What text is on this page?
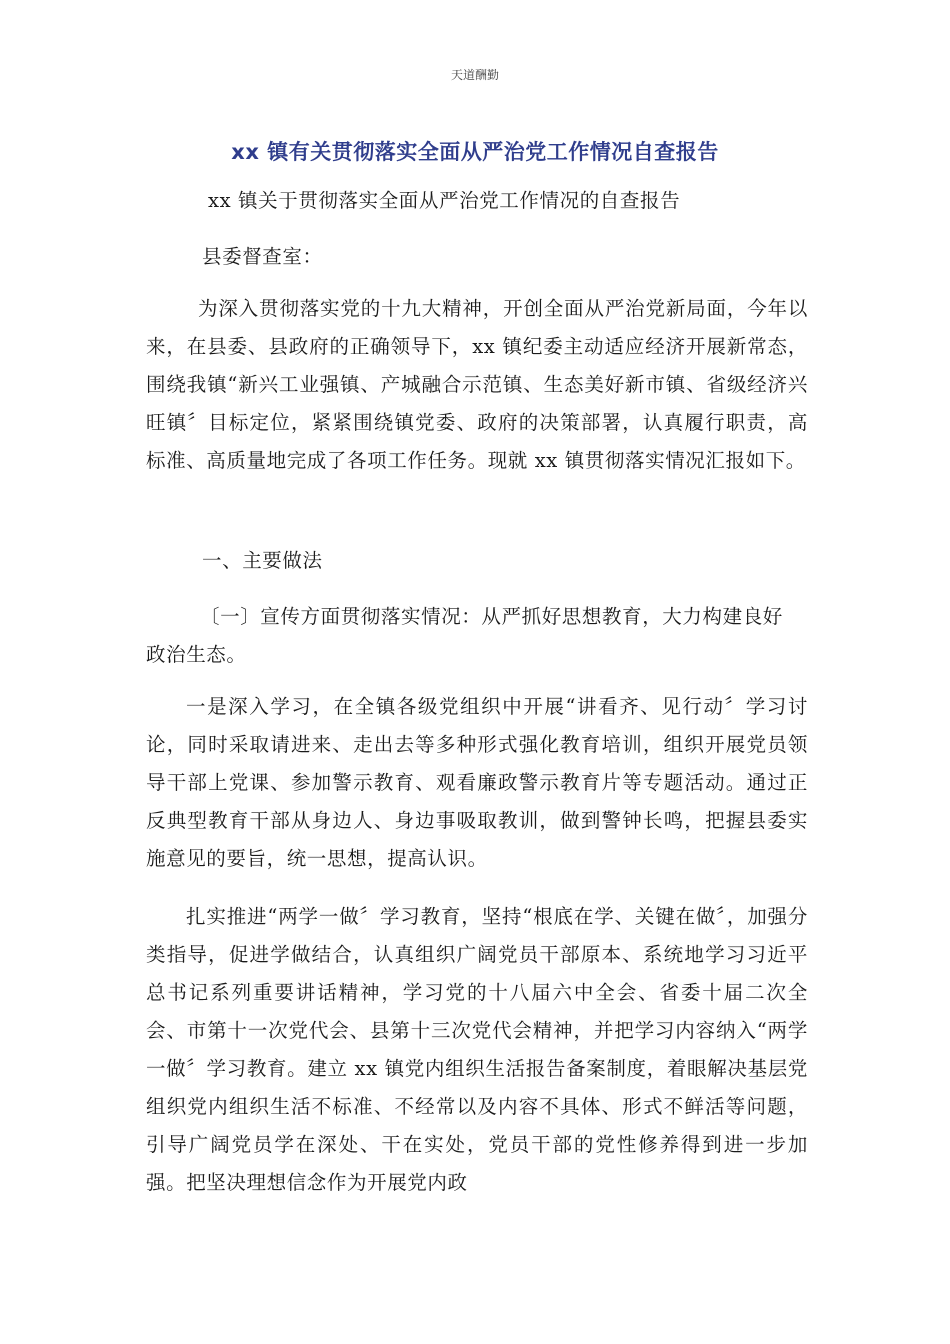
天道酬勤
xx 镇有关贯彻落实全面从严治党工作情况自查报告
xx 镇关于贯彻落实全面从严治党工作情况的自查报告
县委督查室：
为深入贯彻落实党的十九大精神，开创全面从严治党新局面，今年以来，在县委、县政府的正确领导下，xx 镇纪委主动适应经济开展新常态，围绕我镇“新兴工业强镇、产城融合示范镇、生态美好新市镇、省级经济兴旺镇〞目标定位，紧紧围绕镇党委、政府的决策部署，认真履行职责，高标准、高质量地完成了各项工作任务。现就 xx 镇贯彻落实情况汇报如下。
一、主要做法
〔一〕宣传方面贯彻落实情况：从严抓好思想教育，大力构建良好
政治生态。
一是深入学习，在全镇各级党组织中开展“讲看齐、见行动〞学习讨论，同时采取请进来、走出去等多种形式强化教育培训，组织开展党员领导干部上党课、参加警示教育、观看廉政警示教育片等专题活动。通过正反典型教育干部从身边人、身边事吸取教训，做到警钟长鸣，把握县委实施意见的要旨，统一思想，提高认识。
扎实推进“两学一做〞学习教育，坚持“根底在学、关键在做〞，加强分类指导，促进学做结合，认真组织广阔党员干部原本、系统地学习习近平总书记系列重要讲话精神，学习党的十八届六中全会、省委十届二次全会、市第十一次党代会、县第十三次党代会精神，并把学习内容纳入“两学一做〞学习教育。建立 xx 镇党内组织生活报告备案制度，着眼解决基层党组织党内组织生活不标准、不经常以及内容不具体、形式不鲜活等问题，引导广阔党员学在深处、干在实处，党员干部的党性修养得到进一步加强。把坚决理想信念作为开展党内政
